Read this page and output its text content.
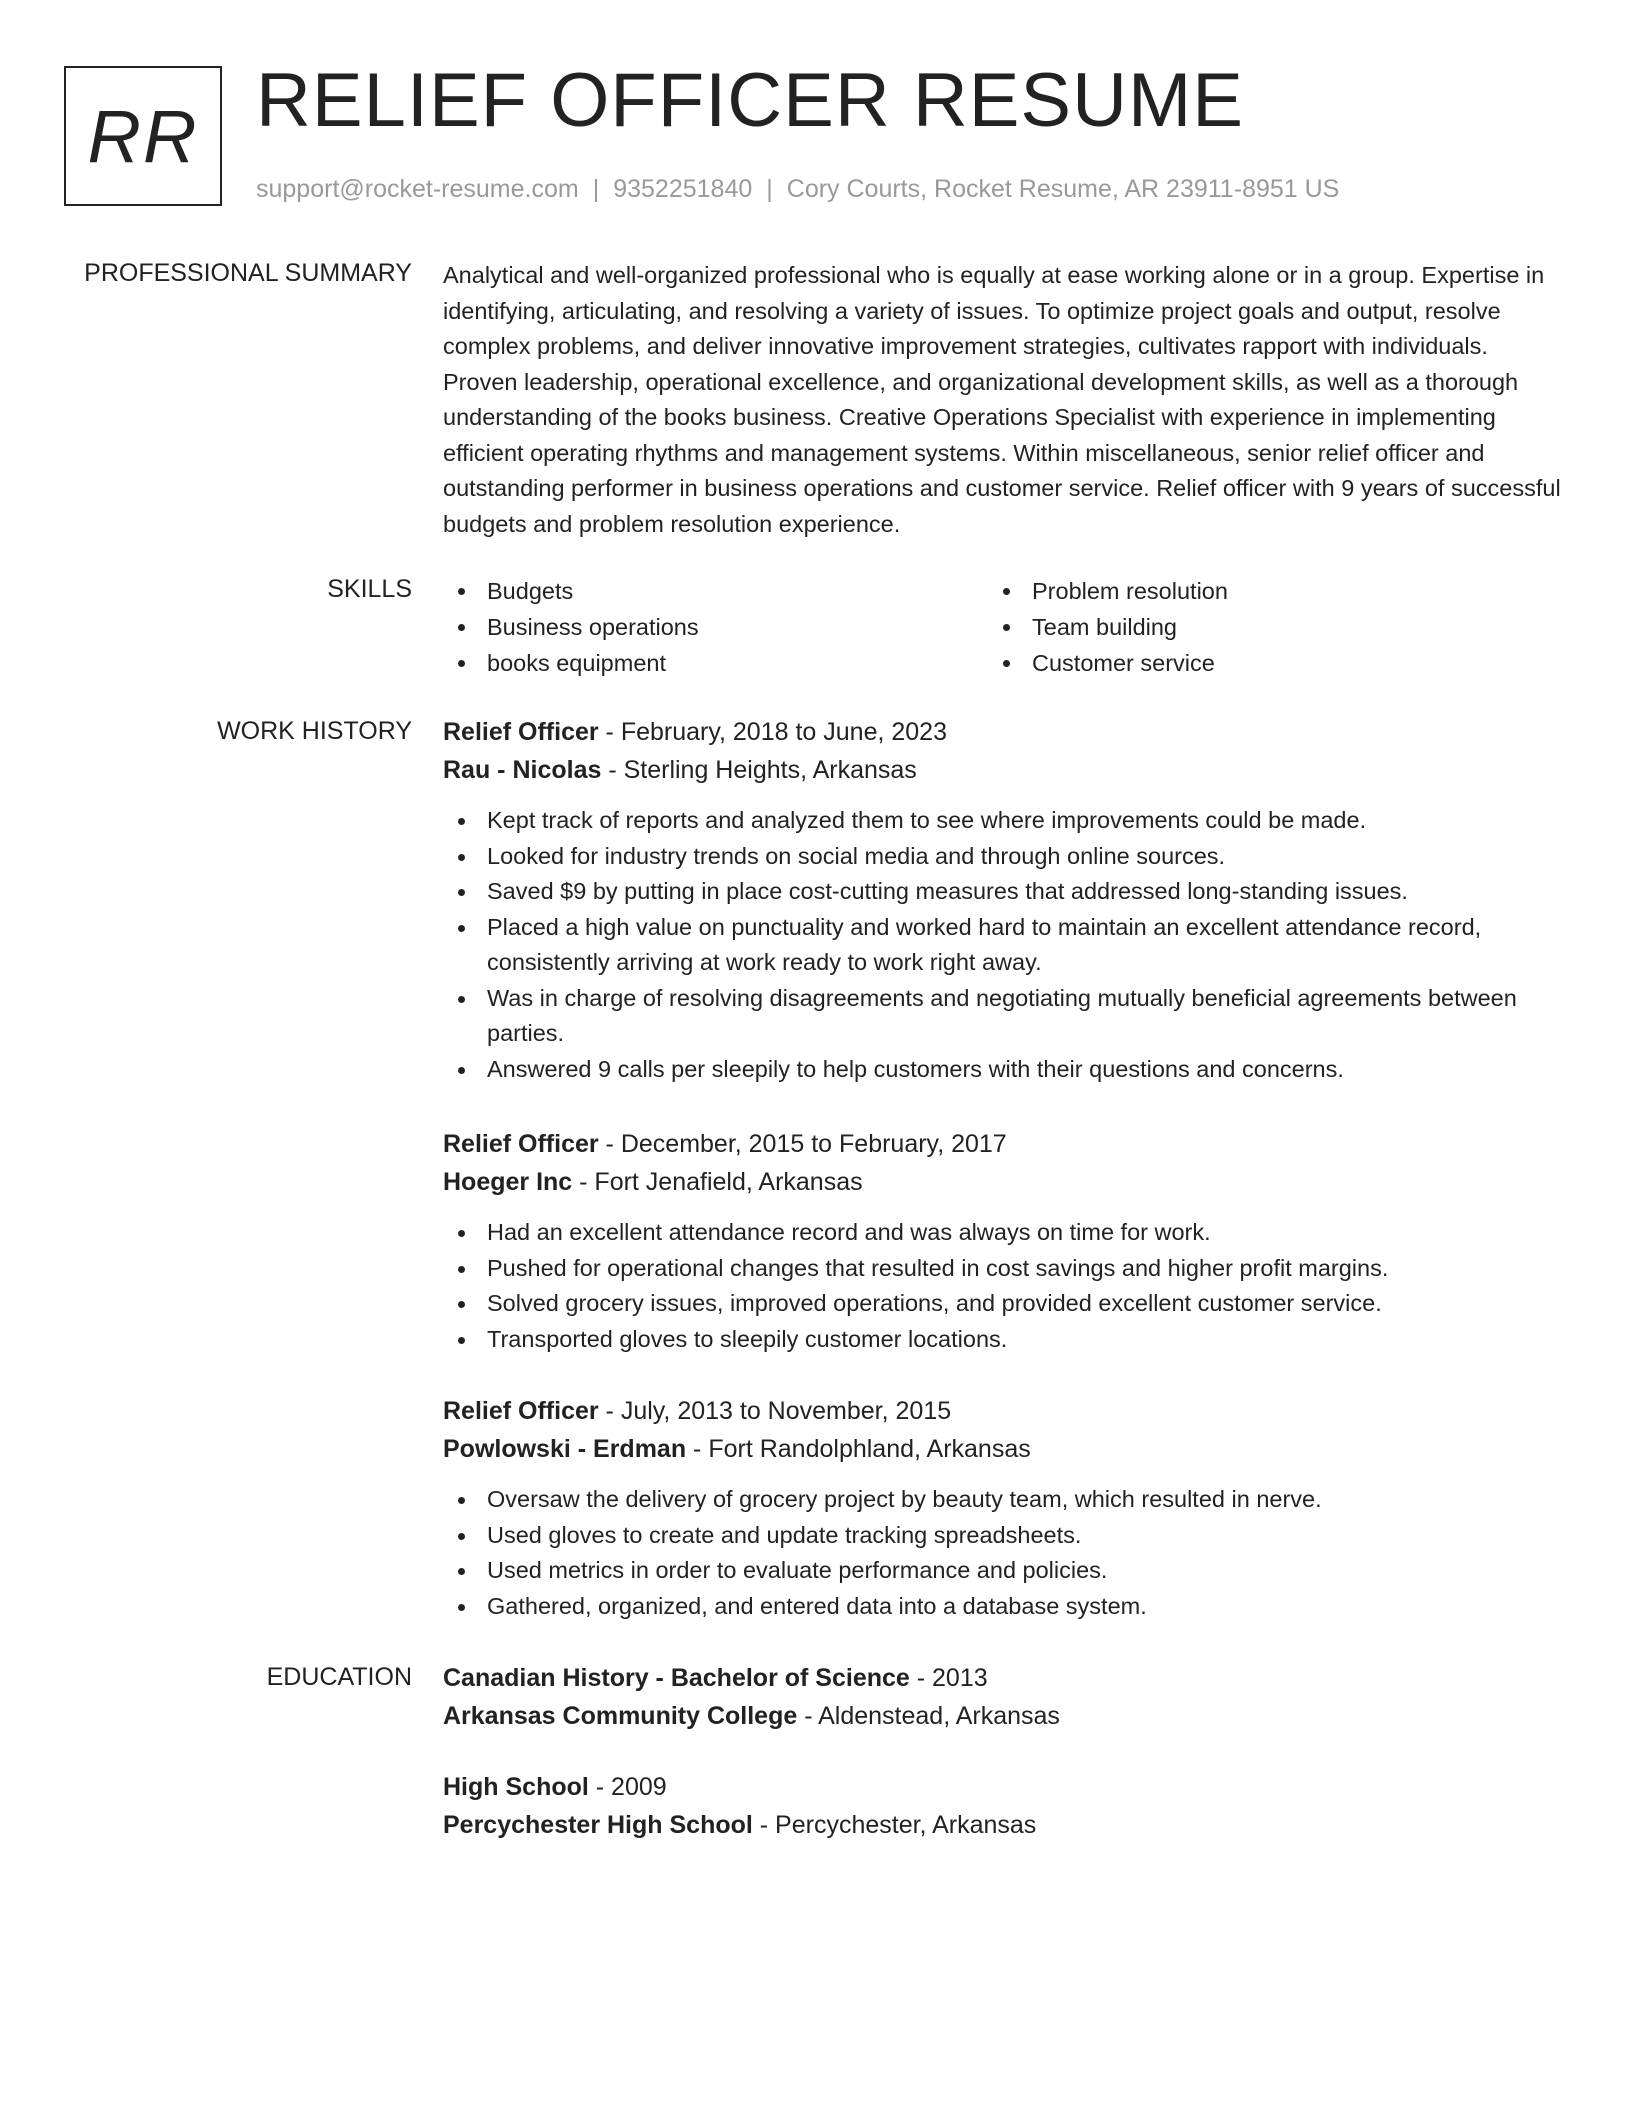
RR RELIEF OFFICER RESUME
support@rocket-resume.com | 9352251840 | Cory Courts, Rocket Resume, AR 23911-8951 US
PROFESSIONAL SUMMARY Analytical and well-organized professional who is equally at ease working alone or in a group. Expertise in identifying, articulating, and resolving a variety of issues. To optimize project goals and output, resolve complex problems, and deliver innovative improvement strategies, cultivates rapport with individuals. Proven leadership, operational excellence, and organizational development skills, as well as a thorough understanding of the books business. Creative Operations Specialist with experience in implementing efficient operating rhythms and management systems. Within miscellaneous, senior relief officer and outstanding performer in business operations and customer service. Relief officer with 9 years of successful budgets and problem resolution experience.

SKILLS	Budgets
Business operations
books equipment
Problem resolution
Team building
Customer service
WORK HISTORY Relief Officer - February, 2018 to June, 2023
Rau - Nicolas - Sterling Heights, Arkansas
Kept track of reports and analyzed them to see where improvements could be made.
Looked for industry trends on social media and through online sources.
Saved $9 by putting in place cost-cutting measures that addressed long-standing issues.
Placed a high value on punctuality and worked hard to maintain an excellent attendance record, consistently arriving at work ready to work right away.
Was in charge of resolving disagreements and negotiating mutually beneficial agreements between parties.
Answered 9 calls per sleepily to help customers with their questions and concerns.
Relief Officer - December, 2015 to February, 2017
Hoeger Inc - Fort Jenafield, Arkansas
Had an excellent attendance record and was always on time for work.
Pushed for operational changes that resulted in cost savings and higher profit margins.
Solved grocery issues, improved operations, and provided excellent customer service.
Transported gloves to sleepily customer locations.
Relief Officer - July, 2013 to November, 2015
Powlowski - Erdman - Fort Randolphland, Arkansas
Oversaw the delivery of grocery project by beauty team, which resulted in nerve.
Used gloves to create and update tracking spreadsheets.
Used metrics in order to evaluate performance and policies.
Gathered, organized, and entered data into a database system.
EDUCATION Canadian History - Bachelor of Science - 2013
Arkansas Community College - Aldenstead, Arkansas
High School - 2009
Percychester High School - Percychester, Arkansas
